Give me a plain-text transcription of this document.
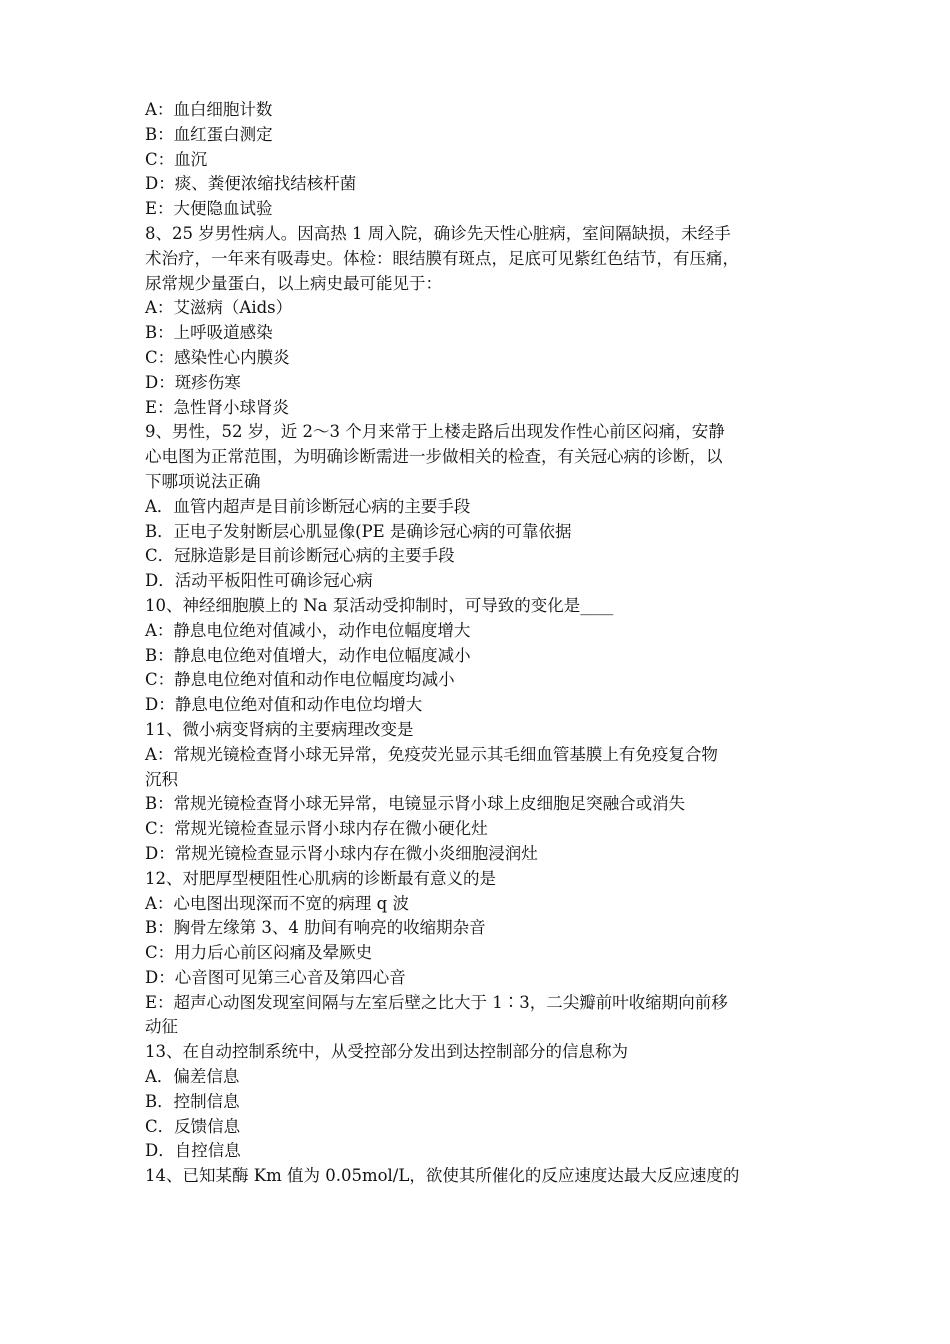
A：血白细胞计数
B：血红蛋白测定
C：血沉
D：痰、粪便浓缩找结核杆菌
E：大便隐血试验
8、25 岁男性病人。因高热 1 周入院，确诊先天性心脏病，室间隔缺损，未经手
术治疗，一年来有吸毒史。体检：眼结膜有斑点，足底可见紫红色结节，有压痛，
尿常规少量蛋白，以上病史最可能见于：
A：艾滋病（Aids）
B：上呼吸道感染
C：感染性心内膜炎
D：斑疹伤寒
E：急性肾小球肾炎
9、男性，52 岁，近 2～3 个月来常于上楼走路后出现发作性心前区闷痛，安静
心电图为正常范围，为明确诊断需进一步做相关的检查，有关冠心病的诊断，以
下哪项说法正确
A．血管内超声是目前诊断冠心病的主要手段
B．正电子发射断层心肌显像(PE 是确诊冠心病的可靠依据
C．冠脉造影是目前诊断冠心病的主要手段
D．活动平板阳性可确诊冠心病
10、神经细胞膜上的 Na 泵活动受抑制时，可导致的变化是____
A：静息电位绝对值减小，动作电位幅度增大
B：静息电位绝对值增大，动作电位幅度减小
C：静息电位绝对值和动作电位幅度均减小
D：静息电位绝对值和动作电位均增大
11、微小病变肾病的主要病理改变是
A：常规光镜检查肾小球无异常，免疫荧光显示其毛细血管基膜上有免疫复合物
沉积
B：常规光镜检查肾小球无异常，电镜显示肾小球上皮细胞足突融合或消失
C：常规光镜检查显示肾小球内存在微小硬化灶
D：常规光镜检查显示肾小球内存在微小炎细胞浸润灶
12、对肥厚型梗阻性心肌病的诊断最有意义的是
A：心电图出现深而不宽的病理 q 波
B：胸骨左缘第 3、4 肋间有响亮的收缩期杂音
C：用力后心前区闷痛及晕厥史
D：心音图可见第三心音及第四心音
E：超声心动图发现室间隔与左室后壁之比大于 1∶3，二尖瓣前叶收缩期向前移
动征
13、在自动控制系统中，从受控部分发出到达控制部分的信息称为
A．偏差信息
B．控制信息
C．反馈信息
D．自控信息
14、已知某酶 Km 值为 0.05mol/L，欲使其所催化的反应速度达最大反应速度的
